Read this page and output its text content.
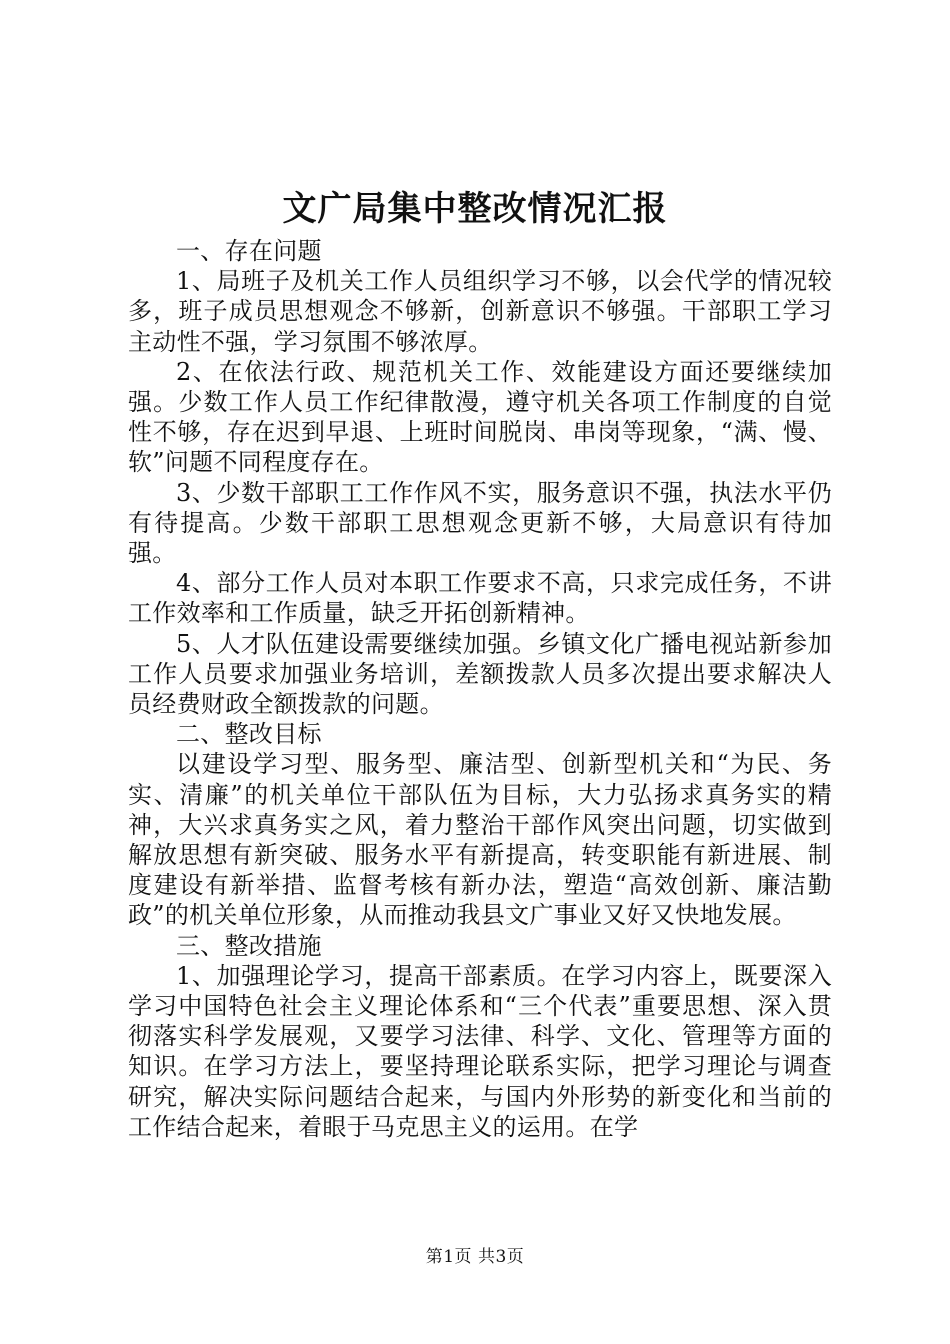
文广局集中整改情况汇报

一、存在问题

1、局班子及机关工作人员组织学习不够，以会代学的情况较多，班子成员思想观念不够新，创新意识不够强。干部职工学习主动性不强，学习氛围不够浓厚。

2、在依法行政、规范机关工作、效能建设方面还要继续加强。少数工作人员工作纪律散漫，遵守机关各项工作制度的自觉性不够，存在迟到早退、上班时间脱岗、串岗等现象，“满、慢、软”问题不同程度存在。

3、少数干部职工工作作风不实，服务意识不强，执法水平仍有待提高。少数干部职工思想观念更新不够，大局意识有待加强。

4、部分工作人员对本职工作要求不高，只求完成任务，不讲工作效率和工作质量，缺乏开拓创新精神。

5、人才队伍建设需要继续加强。乡镇文化广播电视站新参加工作人员要求加强业务培训，差额拨款人员多次提出要求解决人员经费财政全额拨款的问题。

二、整改目标

以建设学习型、服务型、廉洁型、创新型机关和“为民、务实、清廉”的机关单位干部队伍为目标，大力弘扬求真务实的精神，大兴求真务实之风，着力整治干部作风突出问题，切实做到解放思想有新突破、服务水平有新提高，转变职能有新进展、制度建设有新举措、监督考核有新办法，塑造“高效创新、廉洁勤政”的机关单位形象，从而推动我县文广事业又好又快地发展。

三、整改措施

1、加强理论学习，提高干部素质。在学习内容上，既要深入学习中国特色社会主义理论体系和“三个代表”重要思想、深入贯彻落实科学发展观，又要学习法律、科学、文化、管理等方面的知识。在学习方法上，要坚持理论联系实际，把学习理论与调查研究，解决实际问题结合起来，与国内外形势的新变化和当前的工作结合起来，着眼于马克思主义的运用。在学

第1页 共3页
